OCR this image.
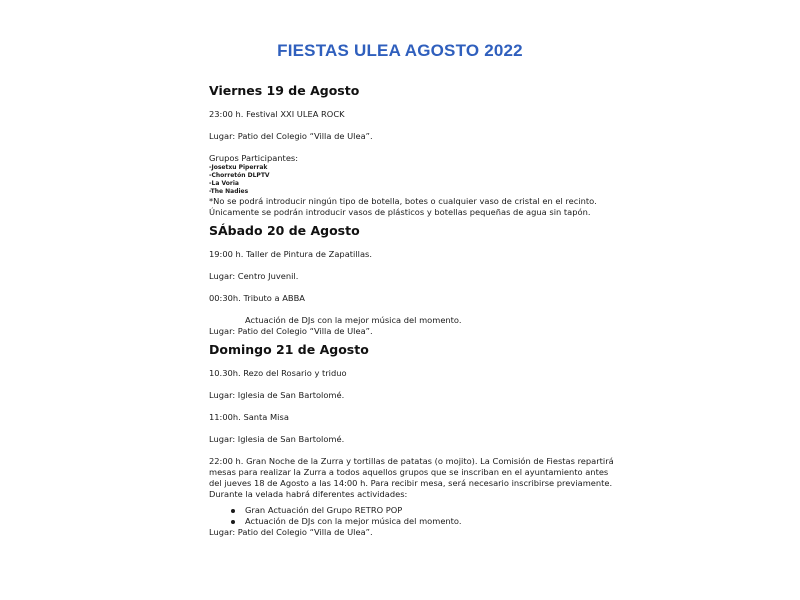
FIESTAS ULEA AGOSTO 2022
Viernes 19 de Agosto
23:00 h. Festival XXI ULEA ROCK
Lugar: Patio del Colegio “Villa de Ulea”.
Grupos Participantes:
-Josetxu Piperrak
-Chorretón DLPTV
-La Voria
-The Nadies
*No se podrá introducir ningún tipo de botella, botes o cualquier vaso de cristal en el recinto.
Únicamente se podrán introducir vasos de plásticos y botellas pequeñas de agua sin tapón.
SÁbado 20 de Agosto
19:00 h. Taller de Pintura de Zapatillas.
Lugar: Centro Juvenil.
00:30h. Tributo a ABBA
Actuación de DJs con la mejor música del momento.
Lugar: Patio del Colegio “Villa de Ulea”.
Domingo 21 de Agosto
10.30h. Rezo del Rosario y triduo
Lugar: Iglesia de San Bartolomé.
11:00h. Santa Misa
Lugar: Iglesia de San Bartolomé.
22:00 h. Gran Noche de la Zurra y tortillas de patatas (o mojito). La Comisión de Fiestas repartirá
mesas para realizar la Zurra a todos aquellos grupos que se inscriban en el ayuntamiento antes
del jueves 18 de Agosto a las 14:00 h. Para recibir mesa, será necesario inscribirse previamente.
Durante la velada habrá diferentes actividades:
Gran Actuación del Grupo RETRO POP
Actuación de DJs con la mejor música del momento.
Lugar: Patio del Colegio “Villa de Ulea”.
